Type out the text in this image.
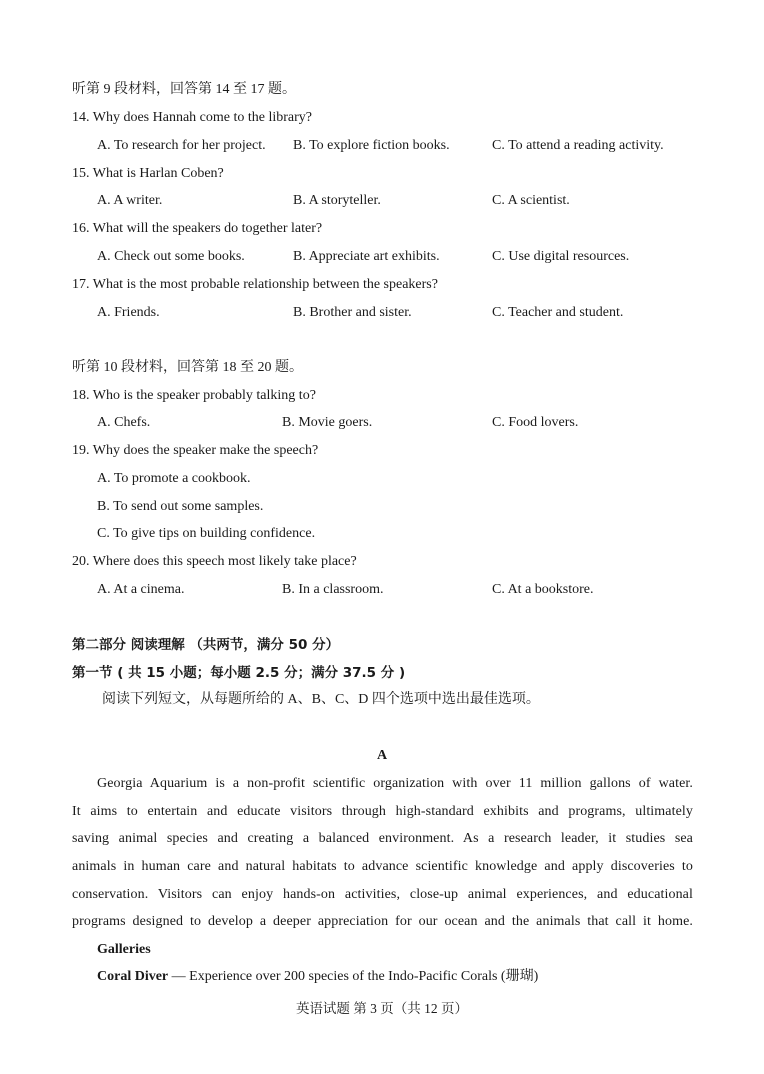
听第 9 段材料，回答第 14 至 17 题。
14. Why does Hannah come to the library?
A. To research for her project. B. To explore fiction books.	C. To attend a reading activity.
15. What is Harlan Coben?
A. A writer.	B. A storyteller.	C. A scientist.
16. What will the speakers do together later?
A. Check out some books.	B. Appreciate art exhibits.	C. Use digital resources.
17. What is the most probable relationship between the speakers?
A. Friends.	B. Brother and sister.	C. Teacher and student.
听第 10 段材料，回答第 18 至 20 题。
18. Who is the speaker probably talking to?
A. Chefs.	B. Movie goers.	C. Food lovers.
19. Why does the speaker make the speech?
A. To promote a cookbook.
B. To send out some samples.
C. To give tips on building confidence.
20. Where does this speech most likely take place?
A. At a cinema.	B. In a classroom.	C. At a bookstore.
第二部分 阅读理解 （共两节，满分 50 分）
第一节 ( 共 15 小题；每小题 2.5 分；满分 37.5 分 )
阅读下列短文，从每题所给的 A、B、C、D 四个选项中选出最佳选项。
A
Georgia Aquarium is a non-profit scientific organization with over 11 million gallons of water.
It aims to entertain and educate visitors through high-standard exhibits and programs, ultimately
saving animal species and creating a balanced environment. As a research leader, it studies sea
animals in human care and natural habitats to advance scientific knowledge and apply discoveries to
conservation. Visitors can enjoy hands-on activities, close-up animal experiences, and educational
programs designed to develop a deeper appreciation for our ocean and the animals that call it home.
Galleries
Coral Diver — Experience over 200 species of the Indo-Pacific Corals (珊瑚)
英语试题 第 3 页（共 12 页）
